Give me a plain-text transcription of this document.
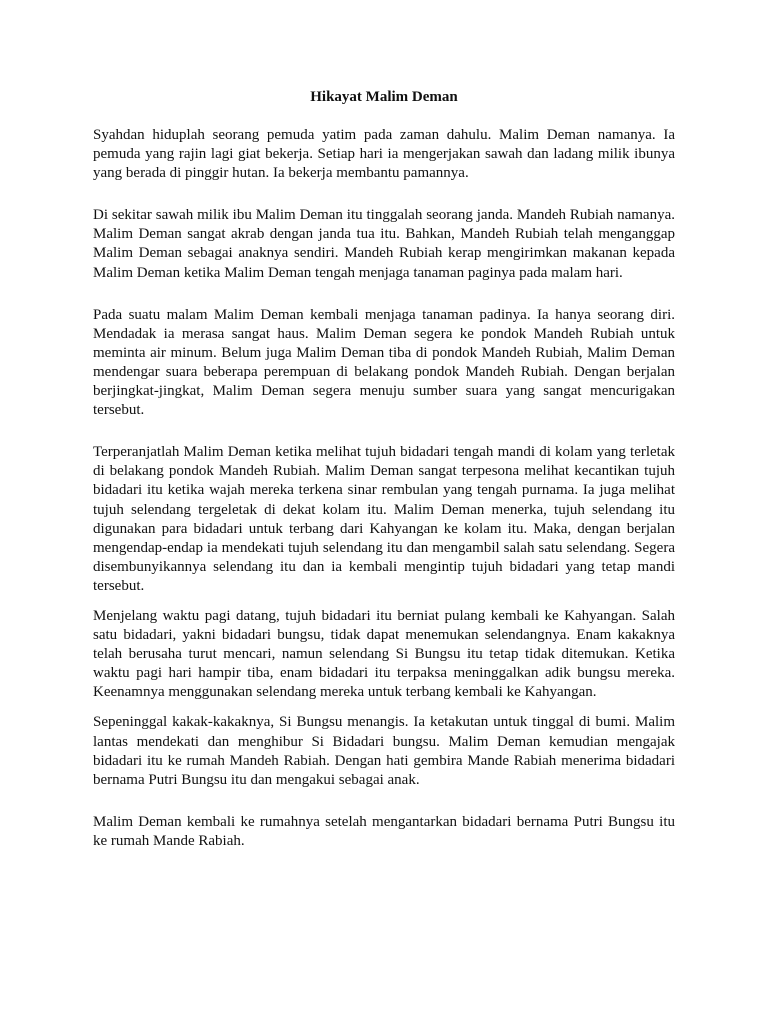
Hikayat Malim Deman

Syahdan hiduplah seorang pemuda yatim pada zaman dahulu. Malim Deman namanya. Ia pemuda yang rajin lagi giat bekerja. Setiap hari ia mengerjakan sawah dan ladang milik ibunya yang berada di pinggir hutan. Ia bekerja membantu pamannya.

Di sekitar sawah milik ibu Malim Deman itu tinggalah seorang janda. Mandeh Rubiah namanya. Malim Deman sangat akrab dengan janda tua itu. Bahkan, Mandeh Rubiah telah menganggap Malim Deman sebagai anaknya sendiri. Mandeh Rubiah kerap mengirimkan makanan kepada Malim Deman ketika Malim Deman tengah menjaga tanaman paginya pada malam hari.

Pada suatu malam Malim Deman kembali menjaga tanaman padinya. Ia hanya seorang diri. Mendadak ia merasa sangat haus. Malim Deman segera ke pondok Mandeh Rubiah untuk meminta air minum. Belum juga Malim Deman tiba di pondok Mandeh Rubiah, Malim Deman mendengar suara beberapa perempuan di belakang pondok Mandeh Rubiah. Dengan berjalan berjingkat-jingkat, Malim Deman segera menuju sumber suara yang sangat mencurigakan tersebut.

Terperanjatlah Malim Deman ketika melihat tujuh bidadari tengah mandi di kolam yang terletak di belakang pondok Mandeh Rubiah. Malim Deman sangat terpesona melihat kecantikan tujuh bidadari itu ketika wajah mereka terkena sinar rembulan yang tengah purnama. Ia juga melihat tujuh selendang tergeletak di dekat kolam itu. Malim Deman menerka, tujuh selendang itu digunakan para bidadari untuk terbang dari Kahyangan ke kolam itu. Maka, dengan berjalan mengendap-endap ia mendekati tujuh selendang itu dan mengambil salah satu selendang. Segera disembunyikannya selendang itu dan ia kembali mengintip tujuh bidadari yang tetap mandi tersebut.

Menjelang waktu pagi datang, tujuh bidadari itu berniat pulang kembali ke Kahyangan. Salah satu bidadari, yakni bidadari bungsu, tidak dapat menemukan selendangnya. Enam kakaknya telah berusaha turut mencari, namun selendang Si Bungsu itu tetap tidak ditemukan. Ketika waktu pagi hari hampir tiba, enam bidadari itu terpaksa meninggalkan adik bungsu mereka. Keenamnya menggunakan selendang mereka untuk terbang kembali ke Kahyangan.

Sepeninggal kakak-kakaknya, Si Bungsu menangis. Ia ketakutan untuk tinggal di bumi. Malim lantas mendekati dan menghibur Si Bidadari bungsu. Malim Deman kemudian mengajak bidadari itu ke rumah Mandeh Rabiah. Dengan hati gembira Mande Rabiah menerima bidadari bernama Putri Bungsu itu dan mengakui sebagai anak.

Malim Deman kembali ke rumahnya setelah mengantarkan bidadari bernama Putri Bungsu itu ke rumah Mande Rabiah.
